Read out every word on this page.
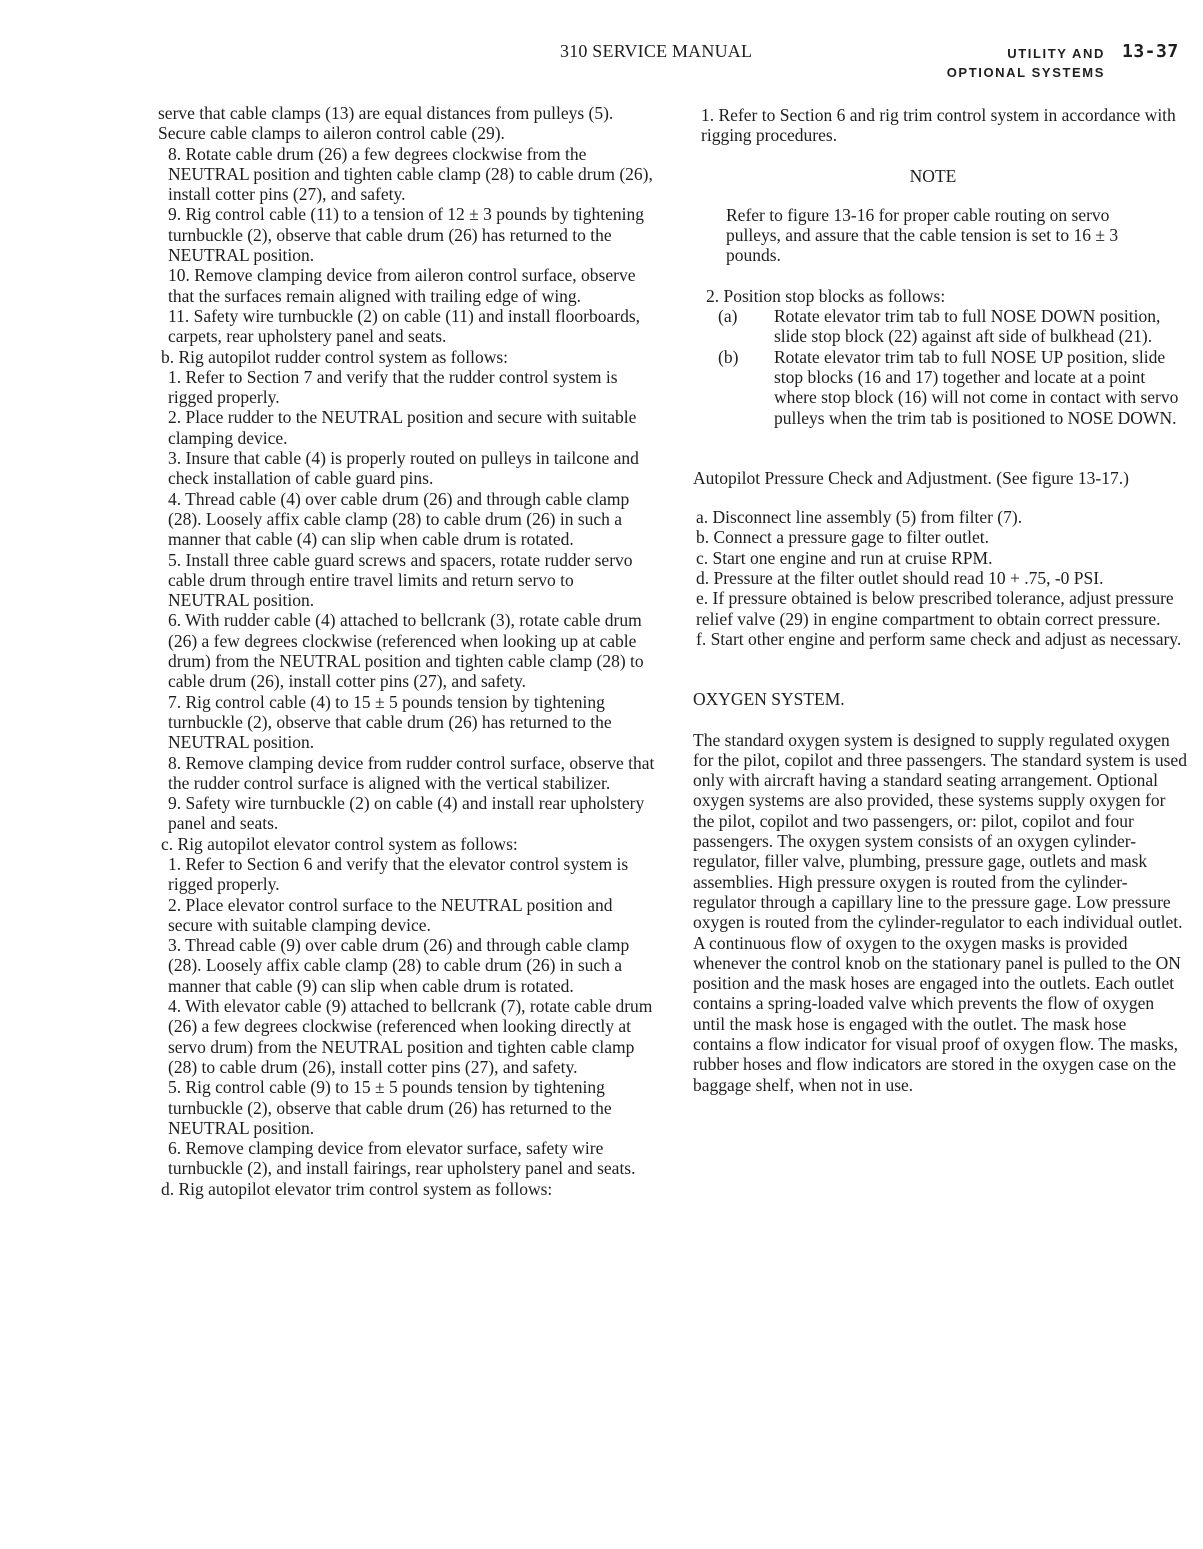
310 SERVICE MANUAL	UTILITY AND
OPTIONAL SYSTEMS
13-37

serve that cable clamps (13) are equal distances from pulleys (5). Secure cable clamps to aileron control cable (29).

8. Rotate cable drum (26) a few degrees clockwise from the NEUTRAL position and tighten cable clamp (28) to cable drum (26), install cotter pins (27), and safety.

9. Rig control cable (11) to a tension of 12 ± 3 pounds by tightening turnbuckle (2), observe that cable drum (26) has returned to the NEUTRAL position.

10. Remove clamping device from aileron control surface, observe that the surfaces remain aligned with trailing edge of wing.

11. Safety wire turnbuckle (2) on cable (11) and install floorboards, carpets, rear upholstery panel and seats.

b. Rig autopilot rudder control system as follows:

1. Refer to Section 7 and verify that the rudder control system is rigged properly.

2. Place rudder to the NEUTRAL position and secure with suitable clamping device.

3. Insure that cable (4) is properly routed on pulleys in tailcone and check installation of cable guard pins.

4. Thread cable (4) over cable drum (26) and through cable clamp (28). Loosely affix cable clamp (28) to cable drum (26) in such a manner that cable (4) can slip when cable drum is rotated.

5. Install three cable guard screws and spacers, rotate rudder servo cable drum through entire travel limits and return servo to NEUTRAL position.

6. With rudder cable (4) attached to bellcrank (3), rotate cable drum (26) a few degrees clockwise (referenced when looking up at cable drum) from the NEUTRAL position and tighten cable clamp (28) to cable drum (26), install cotter pins (27), and safety.

7. Rig control cable (4) to 15 ± 5 pounds tension by tightening turnbuckle (2), observe that cable drum (26) has returned to the NEUTRAL position.

8. Remove clamping device from rudder control surface, observe that the rudder control surface is aligned with the vertical stabilizer.

9. Safety wire turnbuckle (2) on cable (4) and install rear upholstery panel and seats.

c. Rig autopilot elevator control system as follows:

1. Refer to Section 6 and verify that the elevator control system is rigged properly.

2. Place elevator control surface to the NEUTRAL position and secure with suitable clamping device.

3. Thread cable (9) over cable drum (26) and through cable clamp (28). Loosely affix cable clamp (28) to cable drum (26) in such a manner that cable (9) can slip when cable drum is rotated.

4. With elevator cable (9) attached to bellcrank (7), rotate cable drum (26) a few degrees clockwise (referenced when looking directly at servo drum) from the NEUTRAL position and tighten cable clamp (28) to cable drum (26), install cotter pins (27), and safety.

5. Rig control cable (9) to 15 ± 5 pounds tension by tightening turnbuckle (2), observe that cable drum (26) has returned to the NEUTRAL position.

6. Remove clamping device from elevator surface, safety wire turnbuckle (2), and install fairings, rear upholstery panel and seats.

d. Rig autopilot elevator trim control system as follows:

1. Refer to Section 6 and rig trim control system in accordance with rigging procedures.

NOTE

Refer to figure 13-16 for proper cable routing on servo pulleys, and assure that the cable tension is set to 16 ± 3 pounds.

2. Position stop blocks as follows:

(a)	Rotate elevator trim tab to full NOSE DOWN position, slide stop block (22) against aft side of bulkhead (21).
(b)	Rotate elevator trim tab to full NOSE UP position, slide stop blocks (16 and 17) together and locate at a point where stop block (16) will not come in contact with servo pulleys when the trim tab is positioned to NOSE DOWN.

Autopilot Pressure Check and Adjustment. (See figure 13-17.)

a. Disconnect line assembly (5) from filter (7).

b. Connect a pressure gage to filter outlet.

c. Start one engine and run at cruise RPM.

d. Pressure at the filter outlet should read 10 + .75, -0 PSI.

e. If pressure obtained is below prescribed tolerance, adjust pressure relief valve (29) in engine compartment to obtain correct pressure.

f. Start other engine and perform same check and adjust as necessary.

OXYGEN SYSTEM.

The standard oxygen system is designed to supply regulated oxygen for the pilot, copilot and three passengers. The standard system is used only with aircraft having a standard seating arrangement. Optional oxygen systems are also provided, these systems supply oxygen for the pilot, copilot and two passengers, or: pilot, copilot and four passengers. The oxygen system consists of an oxygen cylinder-regulator, filler valve, plumbing, pressure gage, outlets and mask assemblies. High pressure oxygen is routed from the cylinder-regulator through a capillary line to the pressure gage. Low pressure oxygen is routed from the cylinder-regulator to each individual outlet. A continuous flow of oxygen to the oxygen masks is provided whenever the control knob on the stationary panel is pulled to the ON position and the mask hoses are engaged into the outlets. Each outlet contains a spring-loaded valve which prevents the flow of oxygen until the mask hose is engaged with the outlet. The mask hose contains a flow indicator for visual proof of oxygen flow. The masks, rubber hoses and flow indicators are stored in the oxygen case on the baggage shelf, when not in use.
